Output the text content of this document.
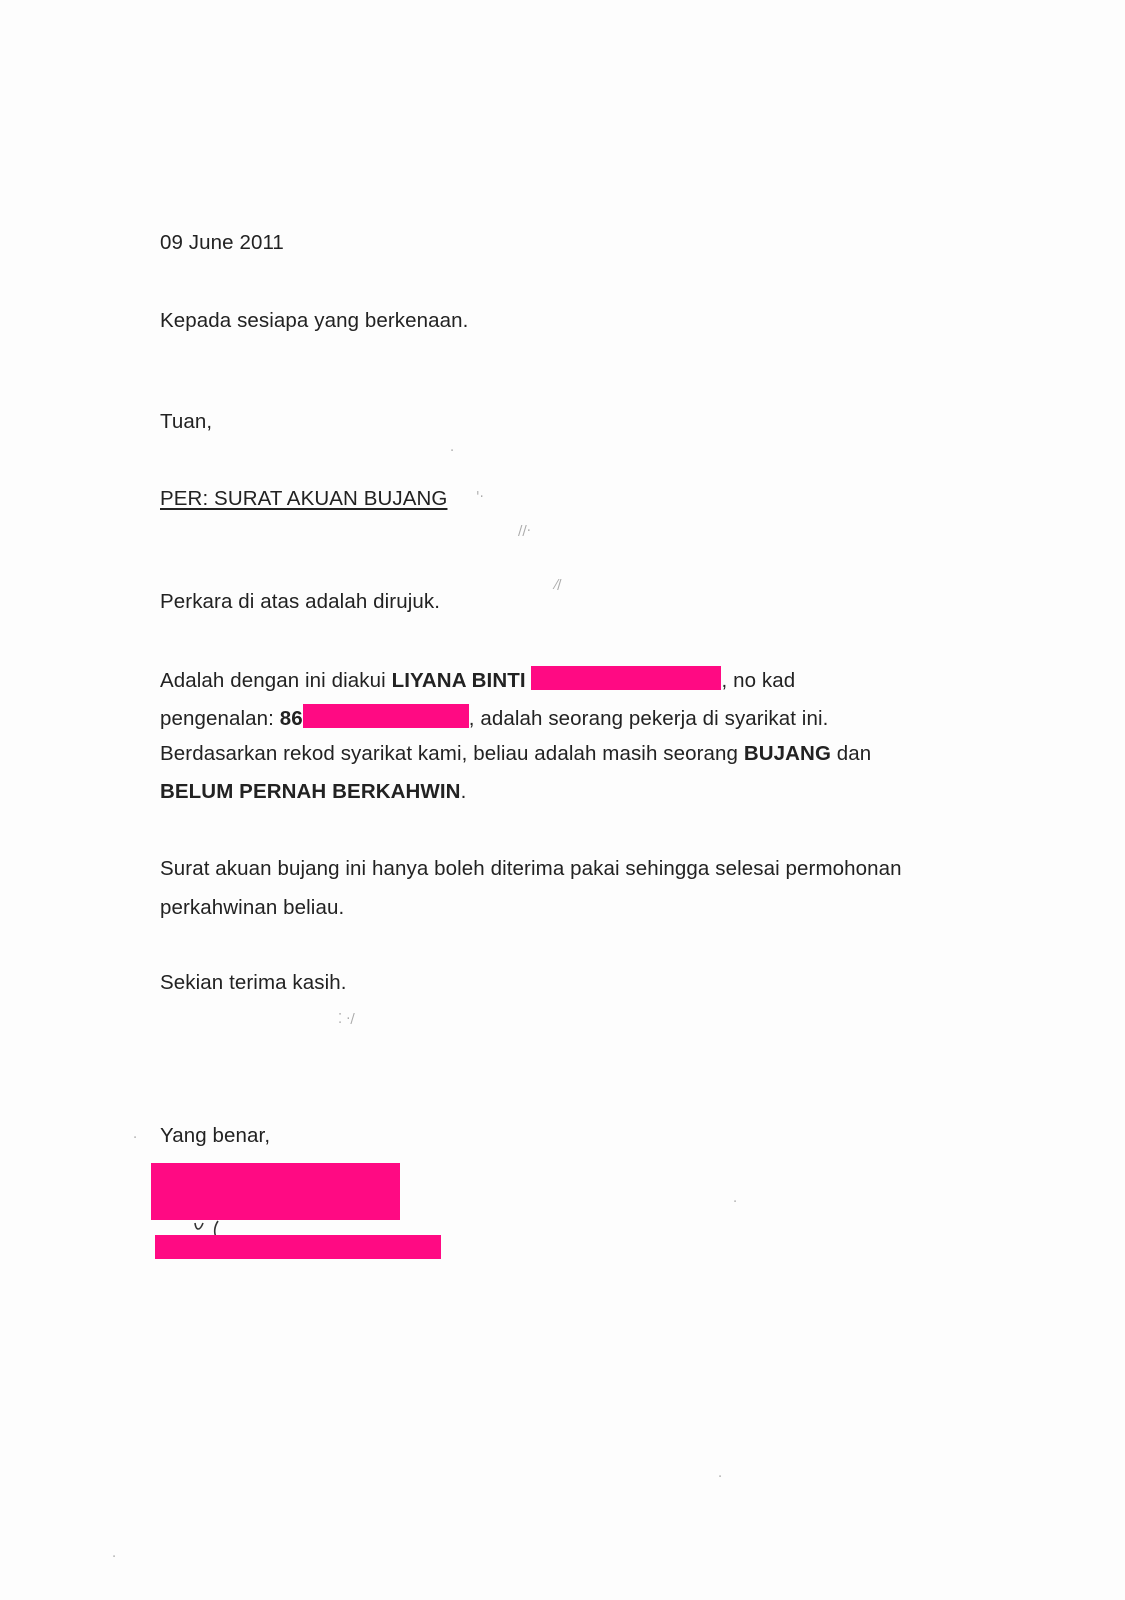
09 June 2011
Kepada sesiapa yang berkenaan.
Tuan,
PER: SURAT AKUAN BUJANG
Perkara di atas adalah dirujuk.
Adalah dengan ini diakui LIYANA BINTI	, no kad
pengenalan: 86	, adalah seorang pekerja di syarikat ini.
Berdasarkan rekod syarikat kami, beliau adalah masih seorang BUJANG dan
BELUM PERNAH BERKAHWIN.
Surat akuan bujang ini hanya boleh diterima pakai sehingga selesai permohonan
perkahwinan beliau.
Sekian terima kasih.
Yang benar,
'·
//·
⁄/
·
·
⁚ ·/
·
·
·
